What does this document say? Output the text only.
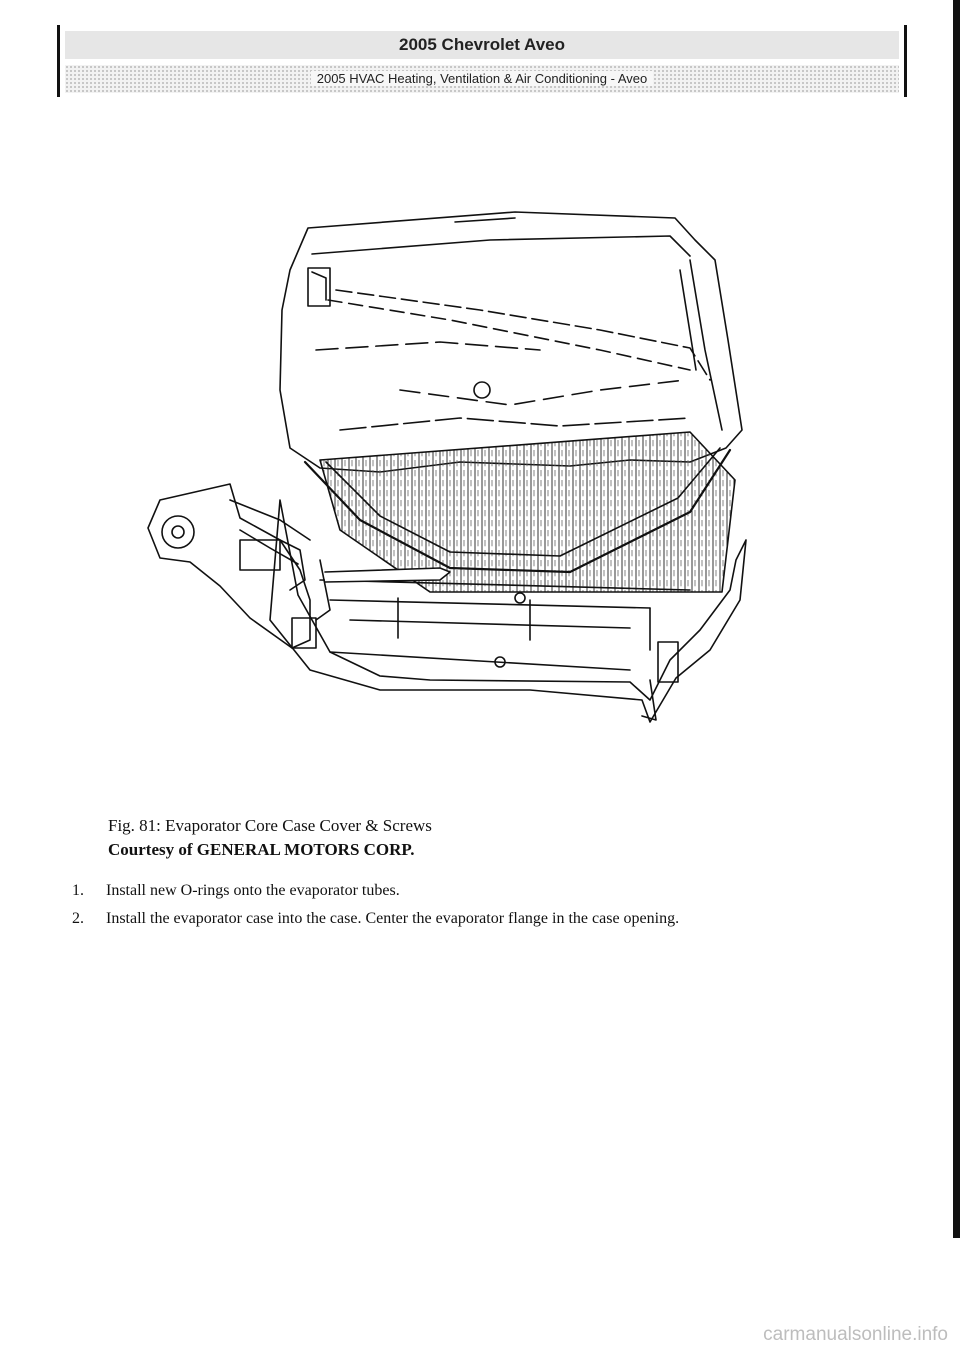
2005 Chevrolet Aveo
2005 HVAC Heating, Ventilation & Air Conditioning - Aveo
Fig. 81: Evaporator Core Case Cover & Screws
Courtesy of GENERAL MOTORS CORP.
1. Install new O-rings onto the evaporator tubes.
2. Install the evaporator case into the case. Center the evaporator flange in the case opening.
carmanualsonline.info
